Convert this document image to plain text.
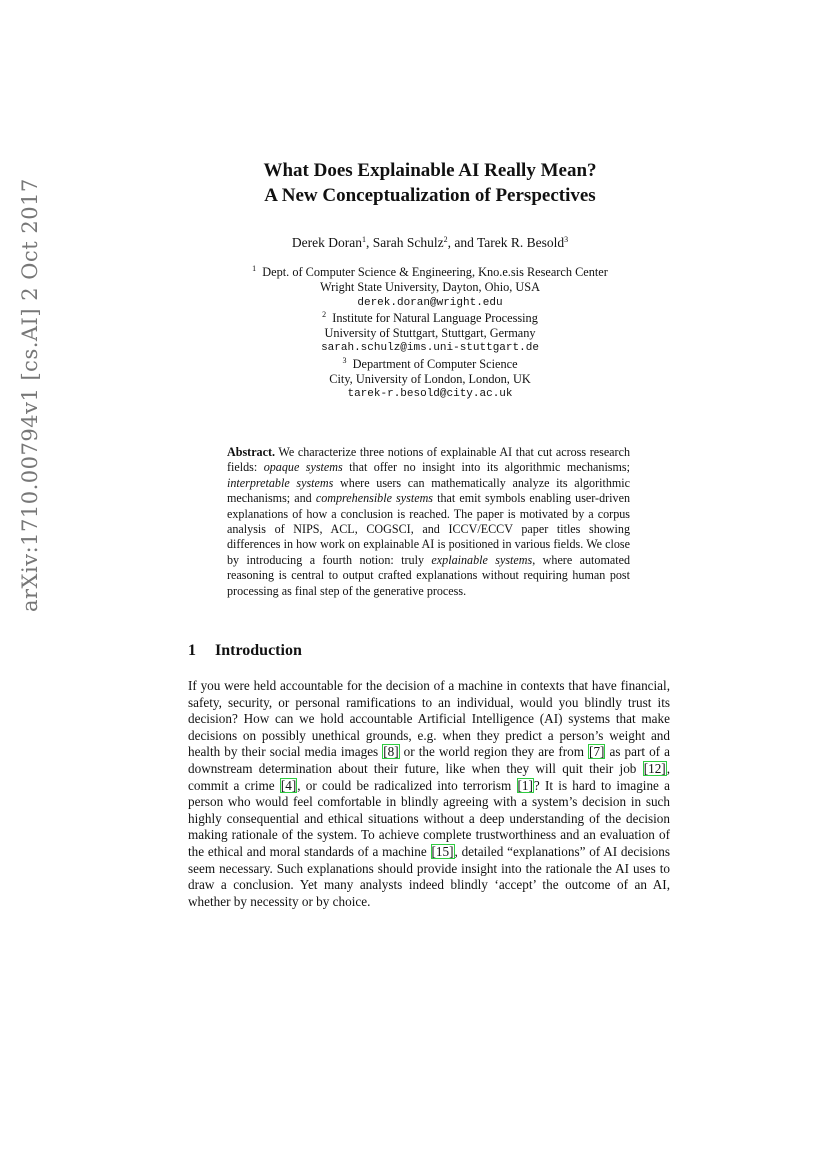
arXiv:1710.00794v1 [cs.AI] 2 Oct 2017
What Does Explainable AI Really Mean?
A New Conceptualization of Perspectives
Derek Doran$^1$, Sarah Schulz$^2$, and Tarek R. Besold$^3$
$^1$ Dept. of Computer Science & Engineering, Kno.e.sis Research Center
Wright State University, Dayton, Ohio, USA
derek.doran@wright.edu
$^2$ Institute for Natural Language Processing
University of Stuttgart, Stuttgart, Germany
sarah.schulz@ims.uni-stuttgart.de
$^3$ Department of Computer Science
City, University of London, London, UK
tarek-r.besold@city.ac.uk
Abstract. We characterize three notions of explainable AI that cut across research fields: opaque systems that offer no insight into its algorithmic mechanisms; interpretable systems where users can mathematically analyze its algorithmic mechanisms; and comprehensible systems that emit symbols enabling user-driven explanations of how a conclusion is reached. The paper is motivated by a corpus analysis of NIPS, ACL, COGSCI, and ICCV/ECCV paper titles showing differences in how work on explainable AI is positioned in various fields. We close by introducing a fourth notion: truly explainable systems, where automated reasoning is central to output crafted explanations without requiring human post processing as final step of the generative process.
1 Introduction
If you were held accountable for the decision of a machine in contexts that have financial, safety, security, or personal ramifications to an individual, would you blindly trust its decision? How can we hold accountable Artificial Intelligence (AI) systems that make decisions on possibly unethical grounds, e.g. when they predict a person’s weight and health by their social media images [8] or the world region they are from [7] as part of a downstream determination about their future, like when they will quit their job [12], commit a crime [4], or could be radicalized into terrorism [1]? It is hard to imagine a person who would feel comfortable in blindly agreeing with a system’s decision in such highly consequential and ethical situations without a deep understanding of the decision making rationale of the system. To achieve complete trustworthiness and an evaluation of the ethical and moral standards of a machine [15], detailed “explanations” of AI decisions seem necessary. Such explanations should provide insight into the rationale the AI uses to draw a conclusion. Yet many analysts indeed blindly ‘accept’ the outcome of an AI, whether by necessity or by choice.
